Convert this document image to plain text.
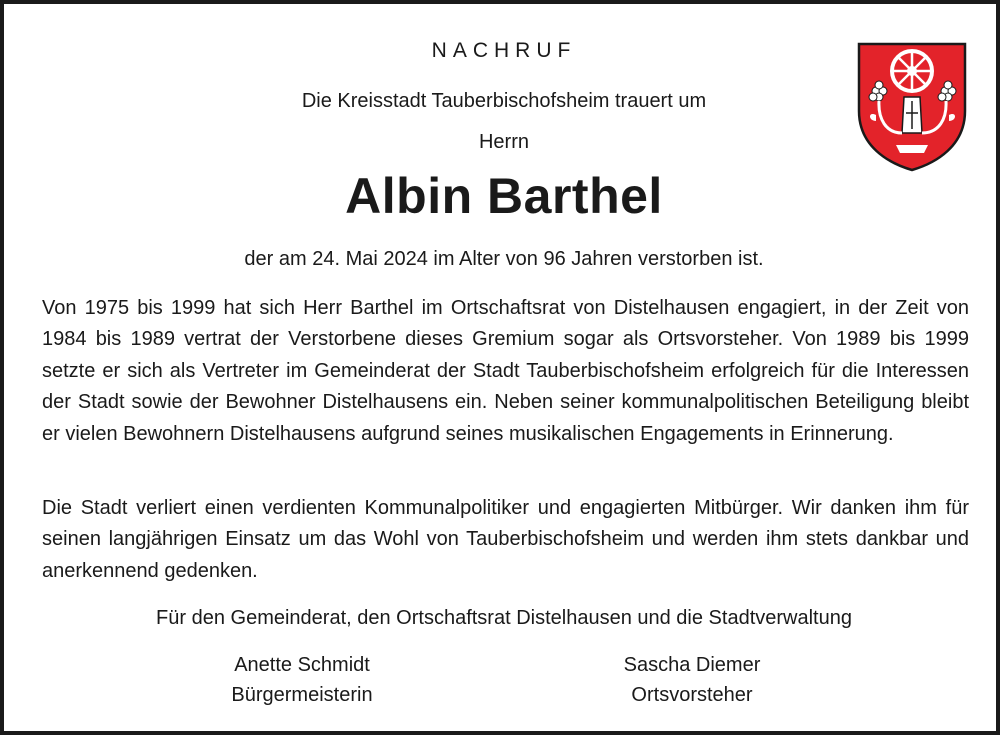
NACHRUF
Die Kreisstadt Tauberbischofsheim trauert um
Herrn
Albin Barthel
der am 24. Mai 2024 im Alter von 96 Jahren verstorben ist.
Von 1975 bis 1999 hat sich Herr Barthel im Ortschaftsrat von Distelhausen engagiert, in der Zeit von 1984 bis 1989 vertrat der Verstorbene dieses Gremium sogar als Ortsvorsteher. Von 1989 bis 1999 setzte er sich als Vertreter im Gemeinderat der Stadt Tauberbischofsheim erfolgreich für die Interessen der Stadt sowie der Bewohner Distelhausens ein. Neben seiner kommunalpolitischen Beteiligung bleibt er vielen Bewohnern Distelhausens aufgrund seines musikalischen Engagements in Erinnerung.
Die Stadt verliert einen verdienten Kommunalpolitiker und engagierten Mitbürger. Wir danken ihm für seinen langjährigen Einsatz um das Wohl von Tauberbischofsheim und werden ihm stets dankbar und anerkennend gedenken.
Für den Gemeinderat, den Ortschaftsrat Distelhausen und die Stadtverwaltung
Anette Schmidt
Bürgermeisterin
Sascha Diemer
Ortsvorsteher
